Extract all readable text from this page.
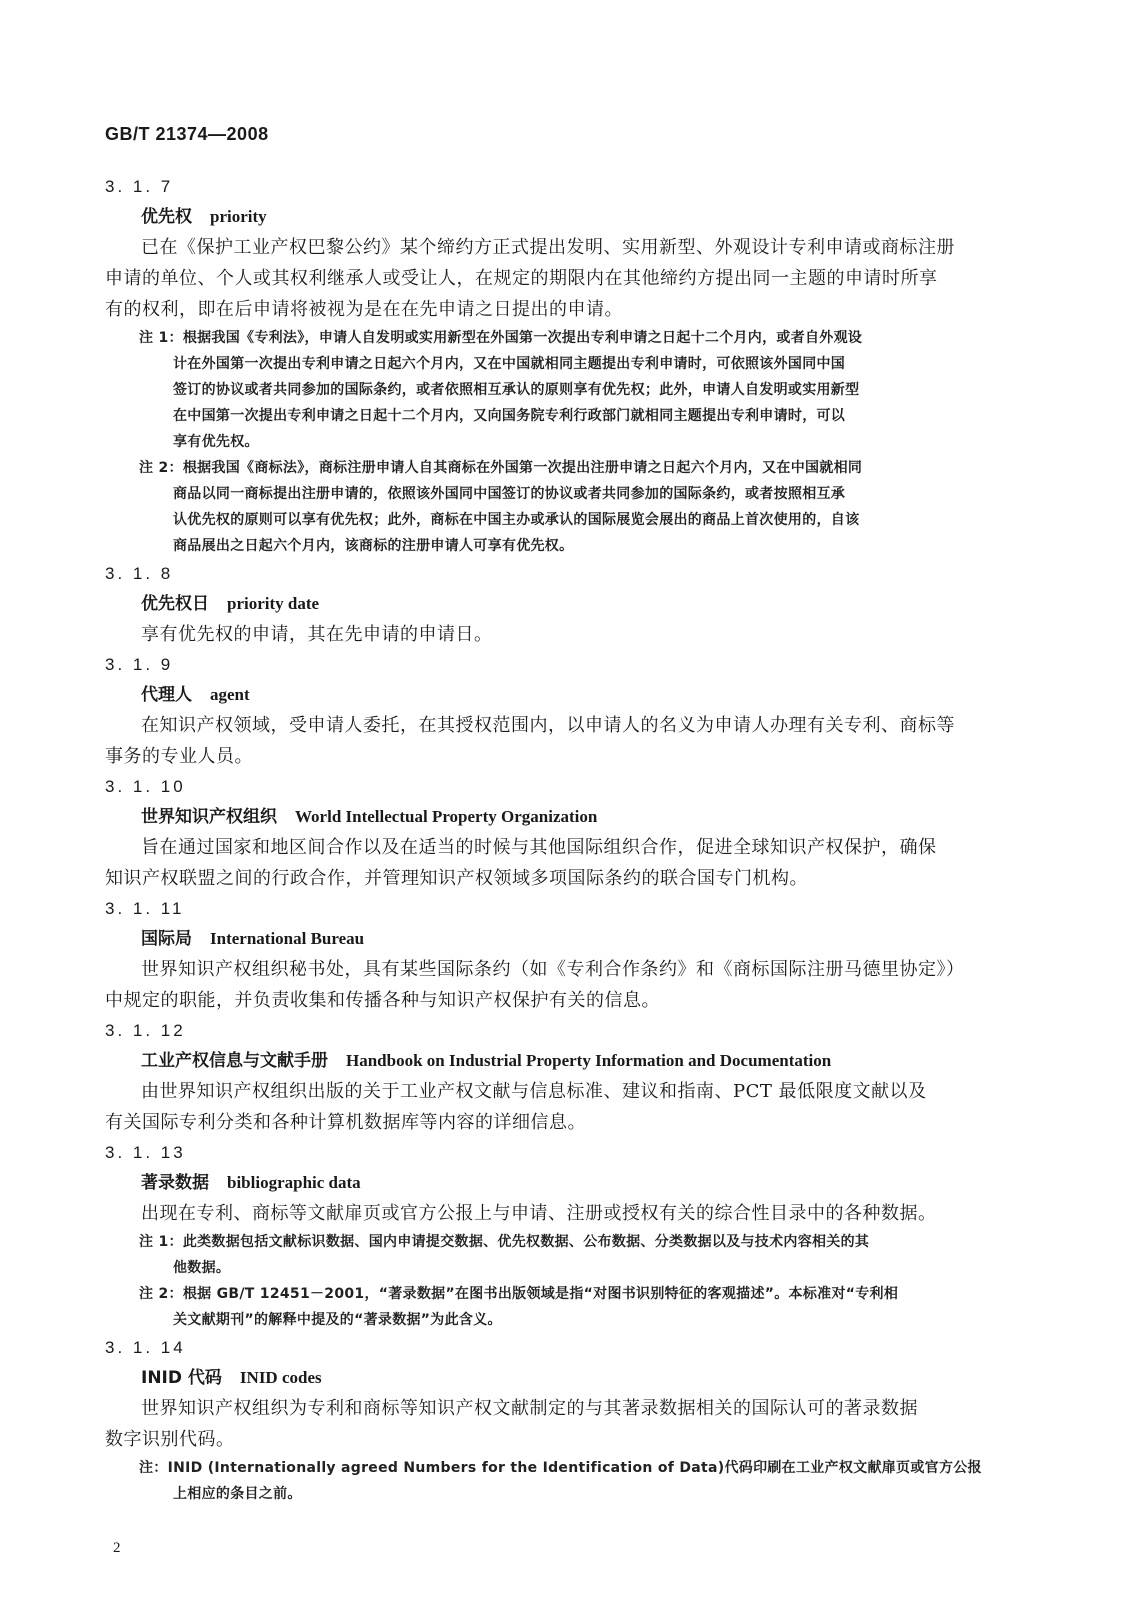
GB/T 21374—2008
3. 1. 7
优先权 priority
已在《保护工业产权巴黎公约》某个缔约方正式提出发明、实用新型、外观设计专利申请或商标注册
申请的单位、个人或其权利继承人或受让人，在规定的期限内在其他缔约方提出同一主题的申请时所享
有的权利，即在后申请将被视为是在在先申请之日提出的申请。
注 1：根据我国《专利法》，申请人自发明或实用新型在外国第一次提出专利申请之日起十二个月内，或者自外观设
计在外国第一次提出专利申请之日起六个月内，又在中国就相同主题提出专利申请时，可依照该外国同中国
签订的协议或者共同参加的国际条约，或者依照相互承认的原则享有优先权；此外，申请人自发明或实用新型
在中国第一次提出专利申请之日起十二个月内，又向国务院专利行政部门就相同主题提出专利申请时，可以
享有优先权。
注 2：根据我国《商标法》，商标注册申请人自其商标在外国第一次提出注册申请之日起六个月内，又在中国就相同
商品以同一商标提出注册申请的，依照该外国同中国签订的协议或者共同参加的国际条约，或者按照相互承
认优先权的原则可以享有优先权；此外，商标在中国主办或承认的国际展览会展出的商品上首次使用的，自该
商品展出之日起六个月内，该商标的注册申请人可享有优先权。
3. 1. 8
优先权日 priority date
享有优先权的申请，其在先申请的申请日。
3. 1. 9
代理人 agent
在知识产权领域，受申请人委托，在其授权范围内，以申请人的名义为申请人办理有关专利、商标等
事务的专业人员。
3. 1. 10
世界知识产权组织 World Intellectual Property Organization
旨在通过国家和地区间合作以及在适当的时候与其他国际组织合作，促进全球知识产权保护，确保
知识产权联盟之间的行政合作，并管理知识产权领域多项国际条约的联合国专门机构。
3. 1. 11
国际局 International Bureau
世界知识产权组织秘书处，具有某些国际条约（如《专利合作条约》和《商标国际注册马德里协定》）
中规定的职能，并负责收集和传播各种与知识产权保护有关的信息。
3. 1. 12
工业产权信息与文献手册 Handbook on Industrial Property Information and Documentation
由世界知识产权组织出版的关于工业产权文献与信息标准、建议和指南、PCT 最低限度文献以及
有关国际专利分类和各种计算机数据库等内容的详细信息。
3. 1. 13
著录数据 bibliographic data
出现在专利、商标等文献扉页或官方公报上与申请、注册或授权有关的综合性目录中的各种数据。
注 1：此类数据包括文献标识数据、国内申请提交数据、优先权数据、公布数据、分类数据以及与技术内容相关的其
他数据。
注 2：根据 GB/T 12451－2001，“著录数据”在图书出版领域是指“对图书识别特征的客观描述”。本标准对“专利相
关文献期刊”的解释中提及的“著录数据”为此含义。
3. 1. 14
INID 代码 INID codes
世界知识产权组织为专利和商标等知识产权文献制定的与其著录数据相关的国际认可的著录数据
数字识别代码。
注：INID (Internationally agreed Numbers for the Identification of Data)代码印刷在工业产权文献扉页或官方公报
上相应的条目之前。
2
